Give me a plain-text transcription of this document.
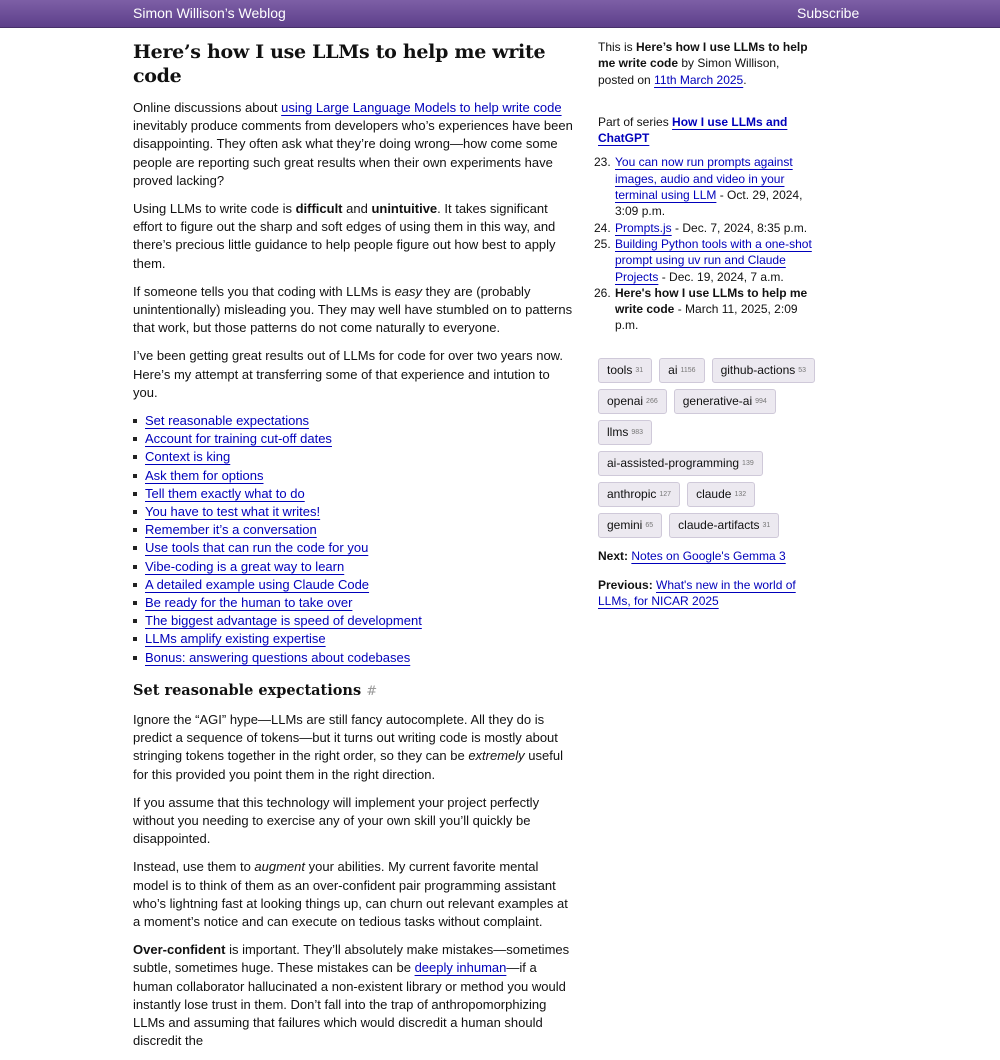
Simon Willison’s Weblog	Subscribe
Here’s how I use LLMs to help me write code

Online discussions about using Large Language Models to help write code inevitably produce comments from developers who’s experiences have been disappointing. They often ask what they’re doing wrong—how come some people are reporting such great results when their own experiments have proved lacking?

Using LLMs to write code is difficult and unintuitive. It takes significant effort to figure out the sharp and soft edges of using them in this way, and there’s precious little guidance to help people figure out how best to apply them.

If someone tells you that coding with LLMs is easy they are (probably unintentionally) misleading you. They may well have stumbled on to patterns that work, but those patterns do not come naturally to everyone.

I’ve been getting great results out of LLMs for code for over two years now. Here’s my attempt at transferring some of that experience and intution to you.

Set reasonable expectations
Account for training cut-off dates
Context is king
Ask them for options
Tell them exactly what to do
You have to test what it writes!
Remember it’s a conversation
Use tools that can run the code for you
Vibe-coding is a great way to learn
A detailed example using Claude Code
Be ready for the human to take over
The biggest advantage is speed of development
LLMs amplify existing expertise
Bonus: answering questions about codebases
Set reasonable expectations #

Ignore the “AGI” hype—LLMs are still fancy autocomplete. All they do is predict a sequence of tokens—but it turns out writing code is mostly about stringing tokens together in the right order, so they can be extremely useful for this provided you point them in the right direction.

If you assume that this technology will implement your project perfectly without you needing to exercise any of your own skill you’ll quickly be disappointed.

Instead, use them to augment your abilities. My current favorite mental model is to think of them as an over-confident pair programming assistant who’s lightning fast at looking things up, can churn out relevant examples at a moment’s notice and can execute on tedious tasks without complaint.

Over-confident is important. They’ll absolutely make mistakes—sometimes subtle, sometimes huge. These mistakes can be deeply inhuman—if a human collaborator hallucinated a non-existent library or method you would instantly lose trust in them. Don’t fall into the trap of anthropomorphizing LLMs and assuming that failures which would discredit a human should discredit the

This is Here’s how I use LLMs to help me write code by Simon Willison, posted on 11th March 2025.

Part of series How I use LLMs and ChatGPT

23. You can now run prompts against images, audio and video in your terminal using LLM - Oct. 29, 2024, 3:09 p.m.
24. Prompts.js - Dec. 7, 2024, 8:35 p.m.
25. Building Python tools with a one-shot prompt using uv run and Claude Projects - Dec. 19, 2024, 7 a.m.
26. Here's how I use LLMs to help me write code - March 11, 2025, 2:09 p.m.
tools 31	ai 1156	github-actions 53
openai 266	generative-ai 994
llms 983
ai-assisted-programming 139
anthropic 127	claude 132
gemini 65	claude-artifacts 31

Next: Notes on Google's Gemma 3

Previous: What's new in the world of LLMs, for NICAR 2025
